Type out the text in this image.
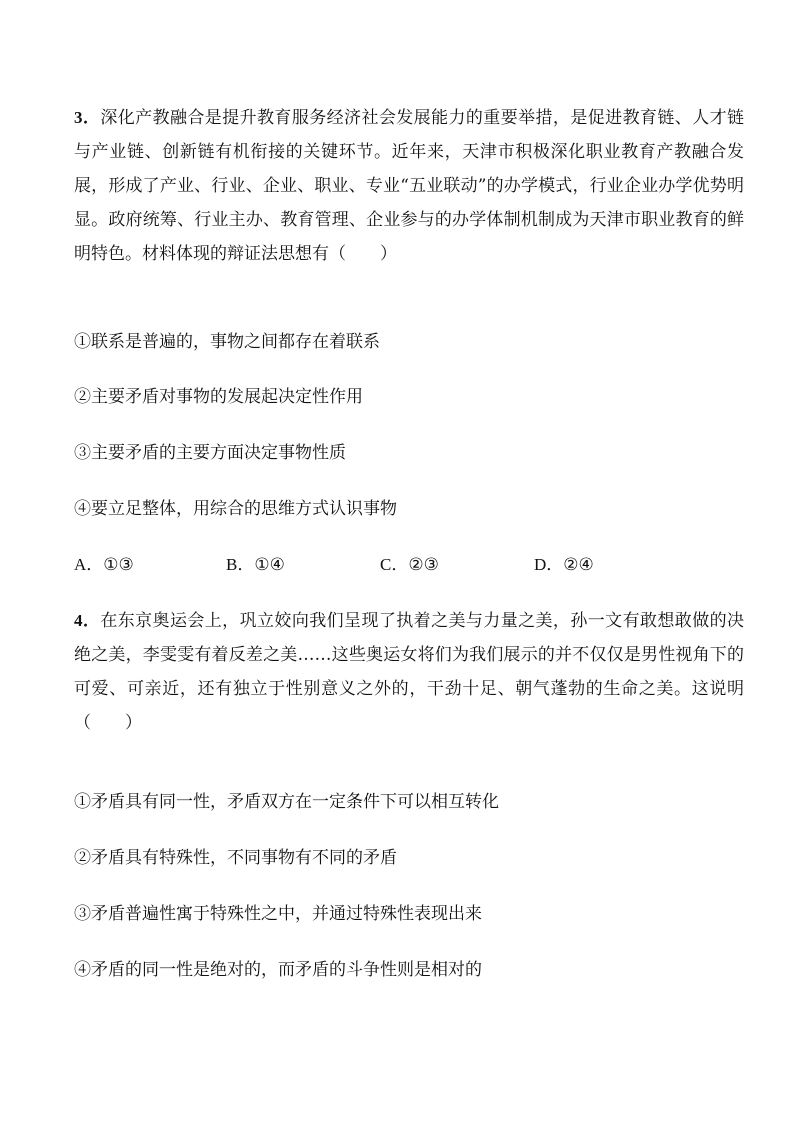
3．深化产教融合是提升教育服务经济社会发展能力的重要举措，是促进教育链、人才链与产业链、创新链有机衔接的关键环节。近年来，天津市积极深化职业教育产教融合发展，形成了产业、行业、企业、职业、专业“五业联动”的办学模式，行业企业办学优势明显。政府统筹、行业主办、教育管理、企业参与的办学体制机制成为天津市职业教育的鲜明特色。材料体现的辩证法思想有（　　）

①联系是普遍的，事物之间都存在着联系

②主要矛盾对事物的发展起决定性作用

③主要矛盾的主要方面决定事物性质

④要立足整体，用综合的思维方式认识事物

A．①③	B．①④	C．②③	D．②④

4．在东京奥运会上，巩立姣向我们呈现了执着之美与力量之美，孙一文有敢想敢做的决绝之美，李雯雯有着反差之美……这些奥运女将们为我们展示的并不仅仅是男性视角下的可爱、可亲近，还有独立于性别意义之外的，干劲十足、朝气蓬勃的生命之美。这说明（　　）

①矛盾具有同一性，矛盾双方在一定条件下可以相互转化

②矛盾具有特殊性，不同事物有不同的矛盾

③矛盾普遍性寓于特殊性之中，并通过特殊性表现出来

④矛盾的同一性是绝对的，而矛盾的斗争性则是相对的
